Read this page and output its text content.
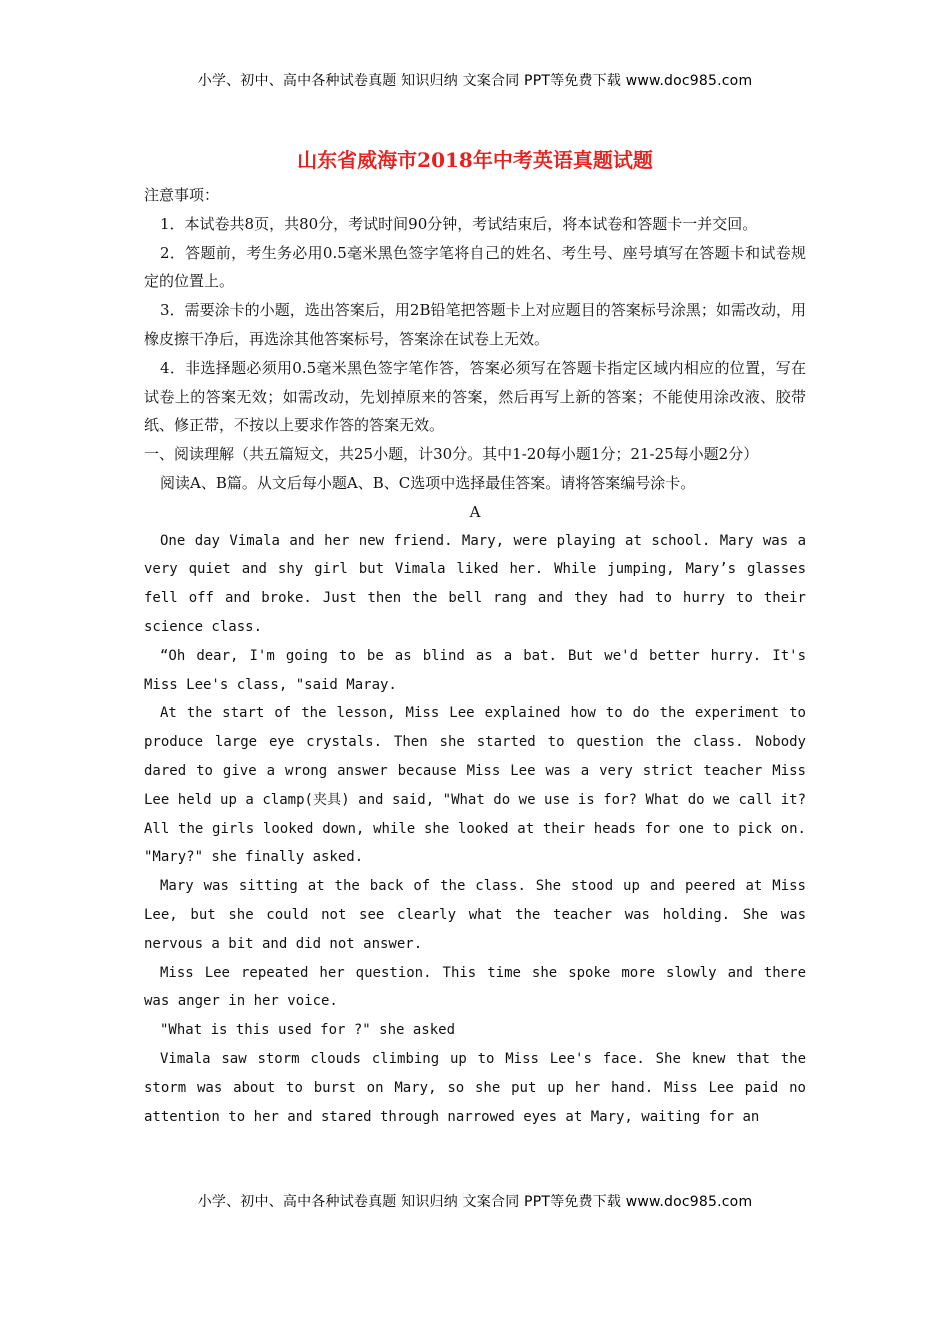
小学、初中、高中各种试卷真题 知识归纳 文案合同 PPT等免费下载 www.doc985.com
山东省威海市2018年中考英语真题试题

注意事项：

1．本试卷共8页，共80分，考试时间90分钟，考试结束后，将本试卷和答题卡一并交回。

2．答题前，考生务必用0.5毫米黑色签字笔将自己的姓名、考生号、座号填写在答题卡和试卷规定的位置上。

3．需要涂卡的小题，选出答案后，用2B铅笔把答题卡上对应题目的答案标号涂黑；如需改动，用橡皮擦干净后，再选涂其他答案标号，答案涂在试卷上无效。

4．非选择题必须用0.5毫米黑色签字笔作答，答案必须写在答题卡指定区域内相应的位置，写在试卷上的答案无效；如需改动，先划掉原来的答案，然后再写上新的答案；不能使用涂改液、胶带纸、修正带，不按以上要求作答的答案无效。

一、阅读理解（共五篇短文，共25小题，计30分。其中1-20每小题1分；21-25每小题2分）

阅读A、B篇。从文后每小题A、B、C选项中选择最佳答案。请将答案编号涂卡。

A

One day Vimala and her new friend. Mary, were playing at school. Mary was a very quiet and shy girl but Vimala liked her. While jumping, Mary’s glasses fell off and broke. Just then the bell rang and they had to hurry to their science class.

“Oh dear, I'm going to be as blind as a bat. But we'd better hurry. It's Miss Lee's class, "said Maray.

At the start of the lesson, Miss Lee explained how to do the experiment to produce large eye crystals. Then she started to question the class. Nobody dared to give a wrong answer because Miss Lee was a very strict teacher Miss Lee held up a clamp(夹具) and said, "What do we use is for? What do we call it? All the girls looked down, while she looked at their heads for one to pick on. "Mary?" she finally asked.

Mary was sitting at the back of the class. She stood up and peered at Miss Lee, but she could not see clearly what the teacher was holding. She was nervous a bit and did not answer.

Miss Lee repeated her question. This time she spoke more slowly and there was anger in her voice.

"What is this used for ?" she asked

Vimala saw storm clouds climbing up to Miss Lee's face. She knew that the storm was about to burst on Mary, so she put up her hand. Miss Lee paid no attention to her and stared through narrowed eyes at Mary, waiting for an

小学、初中、高中各种试卷真题 知识归纳 文案合同 PPT等免费下载 www.doc985.com
